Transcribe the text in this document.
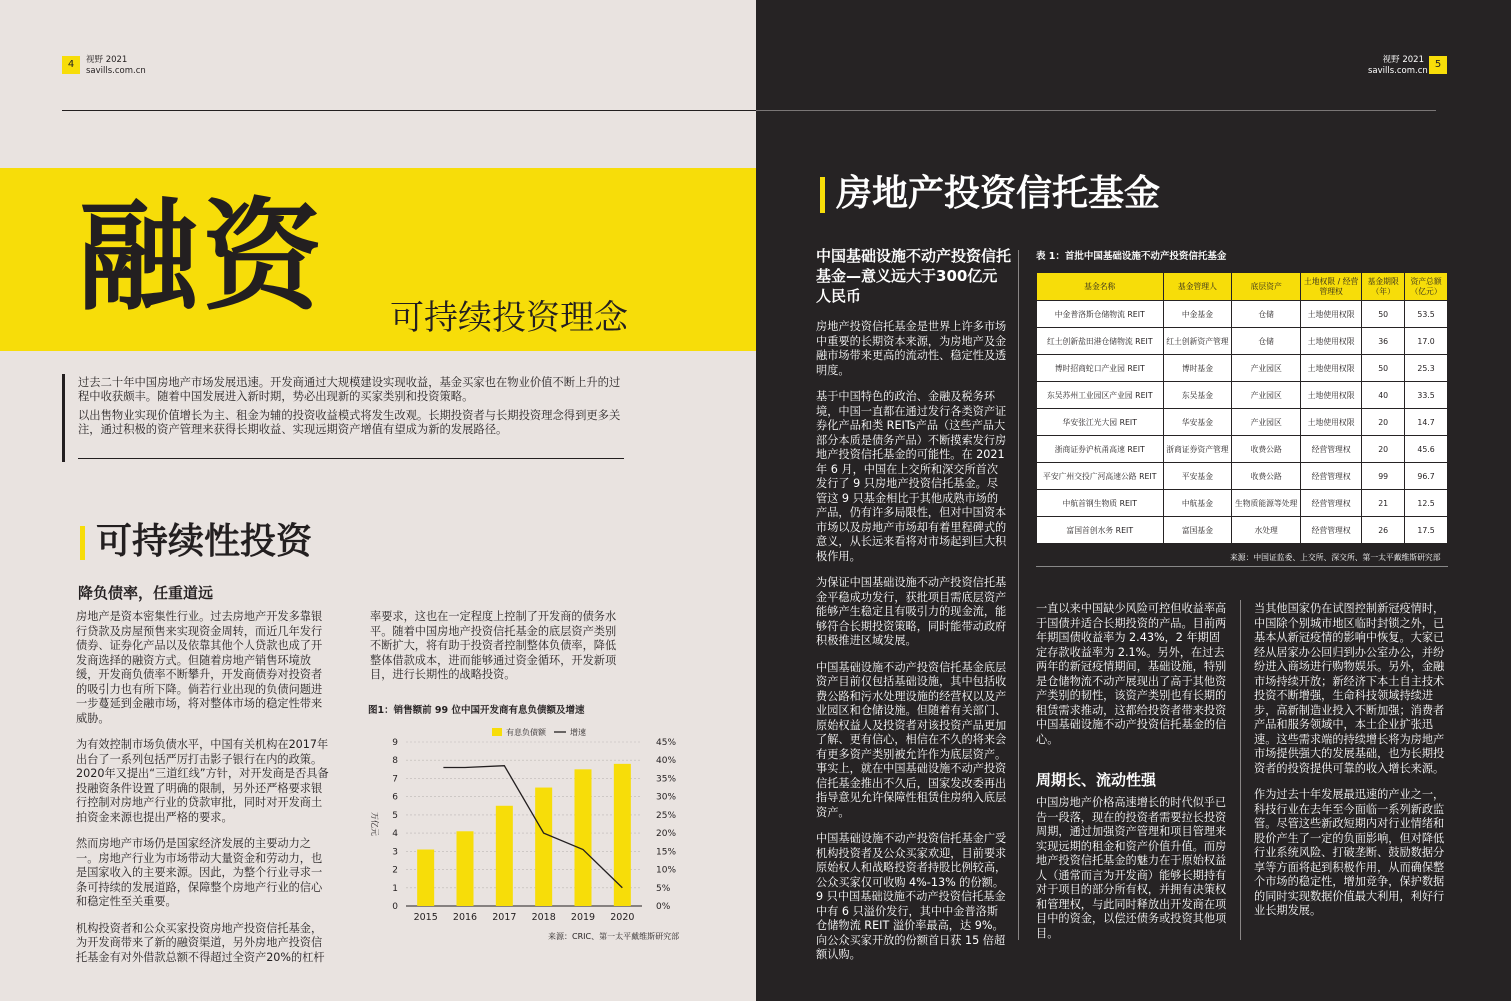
4	视野 2021
savills.com.cn
融资 可持续投资理念

过去二十年中国房地产市场发展迅速。开发商通过大规模建设实现收益，基金买家也在物业价值不断上升的过程中收获颇丰。随着中国发展进入新时期，势必出现新的买家类别和投资策略。

以出售物业实现价值增长为主、租金为辅的投资收益模式将发生改观。长期投资者与长期投资理念得到更多关注，通过积极的资产管理来获得长期收益、实现远期资产增值有望成为新的发展路径。

可持续性投资
降负债率，任重道远

房地产是资本密集性行业。过去房地产开发多靠银行贷款及房屋预售来实现资金周转，而近几年发行债券、证券化产品以及依靠其他个人贷款也成了开发商选择的融资方式。但随着房地产销售环境放缓，开发商负债率不断攀升，开发商债券对投资者的吸引力也有所下降。倘若行业出现的负债问题进一步蔓延到金融市场，将对整体市场的稳定性带来威胁。

为有效控制市场负债水平，中国有关机构在2017年出台了一系列包括严厉打击影子银行在内的政策。2020年又提出“三道红线”方针，对开发商是否具备投融资条件设置了明确的限制，另外还严格要求银行控制对房地产行业的贷款审批，同时对开发商土拍资金来源也提出严格的要求。

然而房地产市场仍是国家经济发展的主要动力之一。房地产行业为市场带动大量资金和劳动力，也是国家收入的主要来源。因此，为整个行业寻求一条可持续的发展道路，保障整个房地产行业的信心和稳定性至关重要。

机构投资者和公众买家投资房地产投资信托基金，为开发商带来了新的融资渠道，另外房地产投资信托基金有对外借款总额不得超过全资产20%的杠杆

率要求，这也在一定程度上控制了开发商的债务水平。随着中国房地产投资信托基金的底层资产类别不断扩大，将有助于投资者控制整体负债率，降低整体借款成本，进而能够通过资金循环，开发新项目，进行长期性的战略投资。

图1：销售额前 99 位中国开发商有息负债额及增速
0
1
2
3
4
5
6
7
8
9
0%
5%
10%
15%
20%
25%
30%
35%
40%
45%
万亿元
2015 2016 2017 2018 2019 2020
有息负债额	增速
来源：CRIC、第一太平戴维斯研究部
视野 2021
savills.com.cn
5
房地产投资信托基金
中国基础设施不动产投资信托基金—意义远大于300亿元人民币

房地产投资信托基金是世界上许多市场中重要的长期资本来源，为房地产及金融市场带来更高的流动性、稳定性及透明度。

基于中国特色的政治、金融及税务环境，中国一直都在通过发行各类资产证券化产品和类 REITs产品（这些产品大部分本质是债务产品）不断摸索发行房地产投资信托基金的可能性。在 2021 年 6 月，中国在上交所和深交所首次发行了 9 只房地产投资信托基金。尽管这 9 只基金相比于其他成熟市场的产品，仍有许多局限性，但对中国资本市场以及房地产市场却有着里程碑式的意义，从长远来看将对市场起到巨大积极作用。

为保证中国基础设施不动产投资信托基金平稳成功发行，获批项目需底层资产能够产生稳定且有吸引力的现金流，能够符合长期投资策略，同时能带动政府积极推进区域发展。

中国基础设施不动产投资信托基金底层资产目前仅包括基础设施，其中包括收费公路和污水处理设施的经营权以及产业园区和仓储设施。但随着有关部门、原始权益人及投资者对该投资产品更加了解、更有信心，相信在不久的将来会有更多资产类别被允许作为底层资产。事实上，就在中国基础设施不动产投资信托基金推出不久后，国家发改委再出指导意见允许保障性租赁住房纳入底层资产。

中国基础设施不动产投资信托基金广受机构投资者及公众买家欢迎，目前要求原始权人和战略投资者持股比例较高，公众买家仅可收购 4%-13% 的份额。9 只中国基础设施不动产投资信托基金中有 6 只溢价发行，其中中金普洛斯仓储物流 REIT 溢价率最高，达 9%。向公众买家开放的份额首日获 15 倍超额认购。

一直以来中国缺少风险可控但收益率高于国债并适合长期投资的产品。目前两年期国债收益率为 2.43%，2 年期固定存款收益率为 2.1%。另外，在过去两年的新冠疫情期间，基础设施，特别是仓储物流不动产展现出了高于其他资产类别的韧性，该资产类别也有长期的租赁需求推动，这都给投资者带来投资中国基础设施不动产投资信托基金的信心。

周期长、流动性强

中国房地产价格高速增长的时代似乎已告一段落，现在的投资者需要拉长投资周期，通过加强资产管理和项目管理来实现远期的租金和资产价值升值。而房地产投资信托基金的魅力在于原始权益人（通常而言为开发商）能够长期持有对于项目的部分所有权，并拥有决策权和管理权，与此同时释放出开发商在项目中的资金，以偿还债务或投资其他项目。

当其他国家仍在试图控制新冠疫情时，中国除个别城市地区临时封锁之外，已基本从新冠疫情的影响中恢复。大家已经从居家办公回归到办公室办公，并纷纷进入商场进行购物娱乐。另外，金融市场持续开放；新经济下本土自主技术投资不断增强，生命科技领域持续进步，高新制造业投入不断加强；消费者产品和服务领域中，本土企业扩张迅速。这些需求端的持续增长将为房地产市场提供强大的发展基础，也为长期投资者的投资提供可靠的收入增长来源。

作为过去十年发展最迅速的产业之一，科技行业在去年至今面临一系列新政监管。尽管这些新政短期内对行业情绪和股价产生了一定的负面影响，但对降低行业系统风险、打破垄断、鼓励数据分享等方面将起到积极作用，从而确保整个市场的稳定性，增加竞争，保护数据的同时实现数据价值最大利用，利好行业长期发展。

表 1：首批中国基础设施不动产投资信托基金
基金名称	基金管理人	底层资产	土地权限 / 经营管理权	基金期限（年）	资产总额（亿元）
中金普洛斯仓储物流 REIT	中金基金	仓储	土地使用权限	50	53.5
红土创新盐田港仓储物流 REIT	红土创新资产管理	仓储	土地使用权限	36	17.0
博时招商蛇口产业园 REIT	博时基金	产业园区	土地使用权限	50	25.3
东吴苏州工业园区产业园 REIT	东吴基金	产业园区	土地使用权限	40	33.5
华安张江光大园 REIT	华安基金	产业园区	土地使用权限	20	14.7
浙商证券沪杭甬高速 REIT	浙商证券资产管理	收费公路	经营管理权	20	45.6
平安广州交投广河高速公路 REIT	平安基金	收费公路	经营管理权	99	96.7
中航首钢生物质 REIT	中航基金	生物质能源等处理	经营管理权	21	12.5
富国首创水务 REIT	富国基金	水处理	经营管理权	26	17.5
来源：中国证监委、上交所、深交所、第一太平戴维斯研究部
